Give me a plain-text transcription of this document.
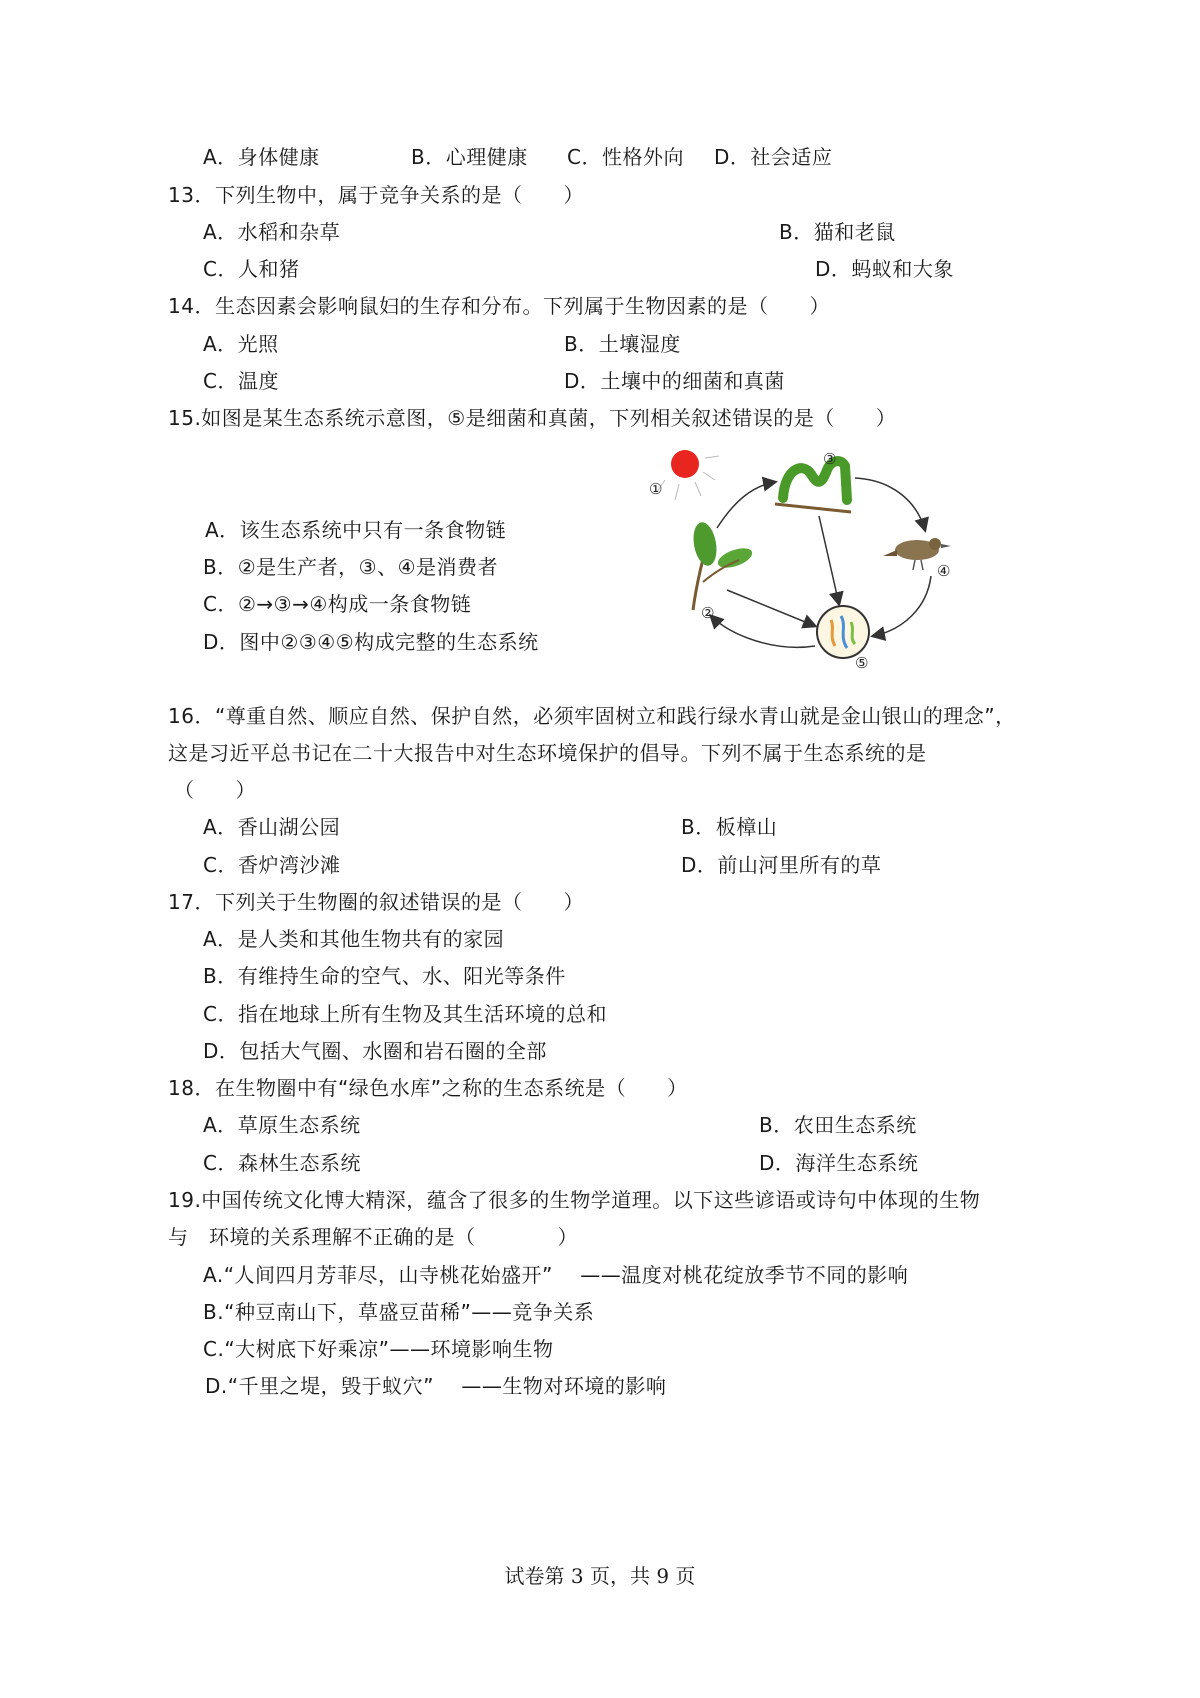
A．身体健康	B．心理健康 C．性格外向 D．社会适应
13．下列生物中，属于竞争关系的是（　　）
A．水稻和杂草	B．猫和老鼠
C．人和猪	D．蚂蚁和大象
14．生态因素会影响鼠妇的生存和分布。下列属于生物因素的是（　　）
A．光照	B．土壤湿度
C．温度	D．土壤中的细菌和真菌
15.如图是某生态系统示意图，⑤是细菌和真菌，下列相关叙述错误的是（　　）
A．该生态系统中只有一条食物链
B．②是生产者，③、④是消费者
C．②→③→④构成一条食物链
D．图中②③④⑤构成完整的生态系统
①
②
③
④
⑤
16．“尊重自然、顺应自然、保护自然，必须牢固树立和践行绿水青山就是金山银山的理念”，
这是习近平总书记在二十大报告中对生态环境保护的倡导。下列不属于生态系统的是
（　　）
A．香山湖公园	B．板樟山
C．香炉湾沙滩	D．前山河里所有的草
17．下列关于生物圈的叙述错误的是（　　）
A．是人类和其他生物共有的家园
B．有维持生命的空气、水、阳光等条件
C．指在地球上所有生物及其生活环境的总和
D．包括大气圈、水圈和岩石圈的全部
18．在生物圈中有“绿色水库”之称的生态系统是（　　）
A．草原生态系统	B．农田生态系统
C．森林生态系统	D．海洋生态系统
19.中国传统文化博大精深，蕴含了很多的生物学道理。以下这些谚语或诗句中体现的生物
与　环境的关系理解不正确的是（　　　　）
A.“人间四月芳菲尽，山寺桃花始盛开”　 ——温度对桃花绽放季节不同的影响
B.“种豆南山下，草盛豆苗稀”——竞争关系
C.“大树底下好乘凉”——环境影响生物
D.“千里之堤，毁于蚁穴”　 ——生物对环境的影响
试卷第 3 页，共 9 页
